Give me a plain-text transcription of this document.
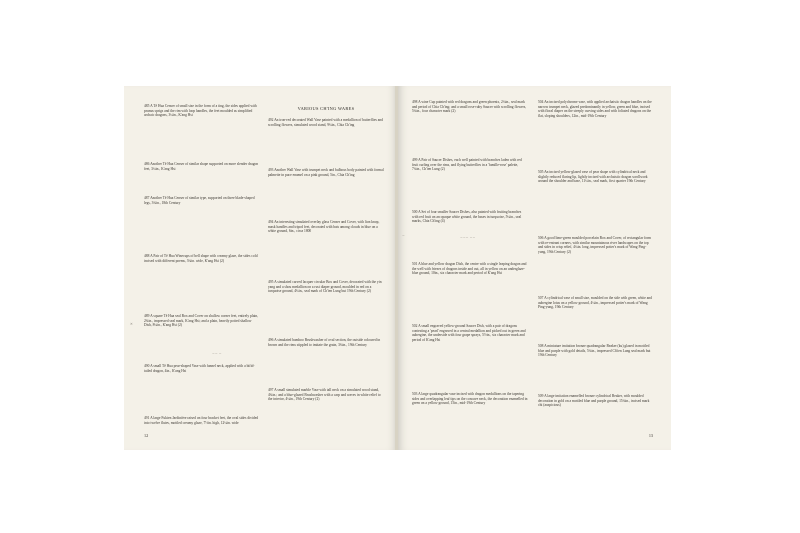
485 A Tê Hua Censer of small size in the form of a ting, the sides applied with prunus sprigs and the rim with loop handles, the feet moulded as simplified archaic dragons, 3¼in., K'ang Hsi
486 Another Tê Hua Censer of similar shape supported on more slender dragon feet, 3¼in., K'ang Hsi
487 Another Tê Hua Censer of similar type, supported on three blade-shaped legs, 3¾in., 18th Century
488 A Pair of Tê Hua Winecups of bell shape with creamy glaze, the sides cold incised with different poems, 3¼in. wide, K'ang Hsi (2)
489 A square Tê Hua seal Box and Cover on shallow corner feet, entirely plain, 2¾in., impressed seal mark, K'ang Hsi; and a plain, heavily potted shallow Dish, 8¼in., K'ang Hsi (2)
490 A small Tê Hua pear-shaped Vase with funnel neck, applied with a bifid-tailed dragon, 4in., K'ang Hsi
491 A large Fukien Jardinière raised on four bracket feet, the oval sides divided into twelve flutes, mottled creamy glaze, 7½in. high, 12¼in. wide
VARIOUS CH'ING WARES
492 An iron-red decorated Wall Vase painted with a medallion of butterflies and scrolling flowers, simulated wood stand, 9¾in., Chia Ch'ing
493 Another Wall Vase with trumpet neck and bulbous body painted with formal palmette in puce enamel on a pink ground, 5in., Chia Ch'ing
494 An interesting simulated overlay glass Censer and Cover, with lion knop, mask handles and tripod feet, decorated with bats among clouds in blue on a white ground, 6in., circa 1800
495 A simulated carved lacquer circular Box and Cover, decorated with the yin yang and a shou medallion on a rust diaper ground, moulded in red on a turquoise ground, 4¾in., seal mark of Ch'ien Lung but 19th Century (2)
496 A simulated bamboo Brushwasher of oval section, the outside coloured in brown and the rims stippled to imitate the grain, 3¾in., 19th Century
497 A small simulated marble Vase with tall neck on a simulated wood stand, 4¾in.; and a blue-glazed Brushwasher with a carp and waves in white relief to the interior, 4¼in., 19th Century (2)
✕
~~ ~
12
498 A wine Cup painted with red dragons and green phoenix, 2¼in., seal mark and period of Chia Ch'ing; and a small rose-ruby Saucer with scrolling flowers, 5¼in., four character mark (2)
499 A Pair of Saucer Dishes, each well painted with branches laden with red fruit curling over the rims, and flying butterflies in a 'famille-rose' palette, 7¼in., Ch'ien Lung (2)
500 A Set of four smaller Saucer Dishes, also painted with fruiting branches with red fruit on an opaque white ground, the bases in turquoise, 5¼in., seal marks, Chia Ch'ing (4)
501 A blue and yellow dragon Dish, the centre with a single leaping dragon and the well with friezes of dragons inside and out, all in yellow on an underglaze-blue ground, 10in., six character mark and period of K'ang Hsi
502 A small engraved yellow-ground Saucer Dish, with a pair of dragons contesting a 'pearl' engraved in a central medallion and picked out in green and aubergine, the underside with four grape sprays, 5½in., six character mark and period of K'ang Hsi
503 A large quadrangular vase incised with dragon medallions on the tapering sides and overlapping leaf tips on the concave neck, the decoration enamelled in green on a yellow ground, 15in., mid-19th Century
504 An incised polychrome vase, with applied archaistic dragon handles on the narrow trumpet neck, glazed predominantly in yellow, green and blue, incised with floral diaper on the steeply curving sides and with foliated dragons on the flat, sloping shoulders, 12in., mid-19th Century
505 An incised yellow-glazed vase of pear shape with cylindrical neck and slightly reduced flaring lip, lightly incised with archaistic dragon scrollwork around the shoulder and base, 11¼in., seal mark, first quarter 19th Century
506 A good lime-green moulded porcelain Box and Cover, of rectangular form with re-entrant corners, with similar mountainous river landscapes on the top and sides in crisp relief, 4¼in. long, impressed potter's mark of Wang Ping-yung, 19th Century (2)
507 A cylindrical vase of small size, moulded on the side with green, white and aubergine lotus on a yellow ground, 4¼in., impressed potter's mark of Wang Ping-yung, 19th Century
508 A miniature imitation bronze quadrangular Beaker (ku) glazed in mottled blue and purple with gold details, 5¼in., impressed Ch'ien Lung seal mark but 19th Century
509 A large imitation enamelled bronze cylindrical Beaker, with moulded decoration in gold on a mottled blue and purple ground, 15¼in., incised mark chi (auspicious)
~	~~~ ~~
13
